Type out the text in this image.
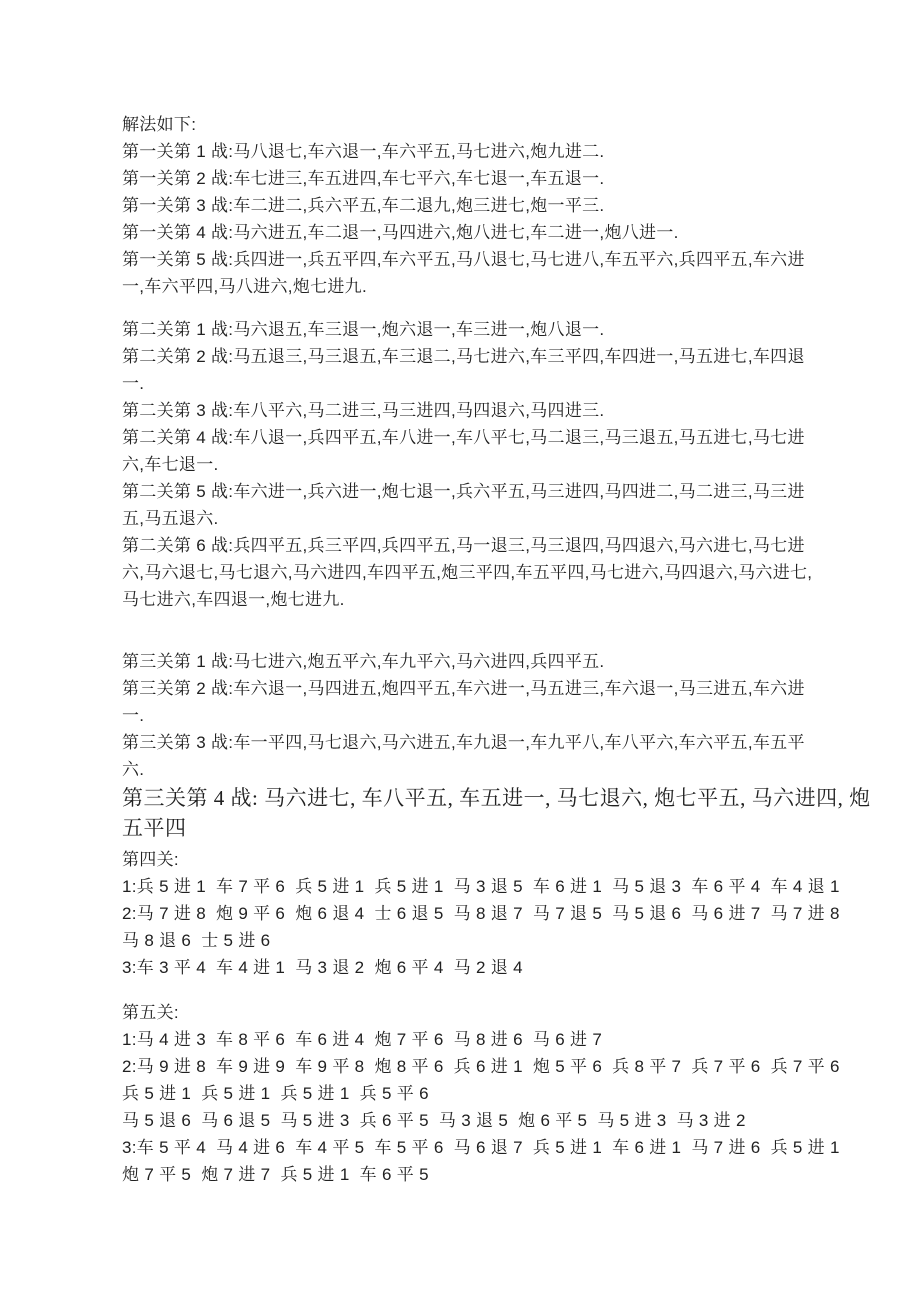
解法如下:
第一关第 1 战:马八退七,车六退一,车六平五,马七进六,炮九进二.
第一关第 2 战:车七进三,车五进四,车七平六,车七退一,车五退一.
第一关第 3 战:车二进二,兵六平五,车二退九,炮三进七,炮一平三.
第一关第 4 战:马六进五,车二退一,马四进六,炮八进七,车二进一,炮八进一.
第一关第 5 战:兵四进一,兵五平四,车六平五,马八退七,马七进八,车五平六,兵四平五,车六进
一,车六平四,马八进六,炮七进九.
第二关第 1 战:马六退五,车三退一,炮六退一,车三进一,炮八退一.
第二关第 2 战:马五退三,马三退五,车三退二,马七进六,车三平四,车四进一,马五进七,车四退
一.
第二关第 3 战:车八平六,马二进三,马三进四,马四退六,马四进三.
第二关第 4 战:车八退一,兵四平五,车八进一,车八平七,马二退三,马三退五,马五进七,马七进
六,车七退一.
第二关第 5 战:车六进一,兵六进一,炮七退一,兵六平五,马三进四,马四进二,马二进三,马三进
五,马五退六.
第二关第 6 战:兵四平五,兵三平四,兵四平五,马一退三,马三退四,马四退六,马六进七,马七进
六,马六退七,马七退六,马六进四,车四平五,炮三平四,车五平四,马七进六,马四退六,马六进七,
马七进六,车四退一,炮七进九.
第三关第 1 战:马七进六,炮五平六,车九平六,马六进四,兵四平五.
第三关第 2 战:车六退一,马四进五,炮四平五,车六进一,马五进三,车六退一,马三进五,车六进
一.
第三关第 3 战:车一平四,马七退六,马六进五,车九退一,车九平八,车八平六,车六平五,车五平
六.
第三关第 4 战: 马六进七, 车八平五, 车五进一, 马七退六, 炮七平五, 马六进四, 炮
五平四
第四关:
1:兵 5 进 1  车 7 平 6  兵 5 进 1  兵 5 进 1  马 3 退 5  车 6 进 1  马 5 退 3  车 6 平 4  车 4 退 1
2:马 7 进 8  炮 9 平 6  炮 6 退 4  士 6 退 5  马 8 退 7  马 7 退 5  马 5 退 6  马 6 进 7  马 7 进 8
马 8 退 6  士 5 进 6
3:车 3 平 4  车 4 进 1  马 3 退 2  炮 6 平 4  马 2 退 4
第五关:
1:马 4 进 3  车 8 平 6  车 6 进 4  炮 7 平 6  马 8 进 6  马 6 进 7
2:马 9 进 8  车 9 进 9  车 9 平 8  炮 8 平 6  兵 6 进 1  炮 5 平 6  兵 8 平 7  兵 7 平 6  兵 7 平 6
兵 5 进 1  兵 5 进 1  兵 5 进 1  兵 5 平 6
马 5 退 6  马 6 退 5  马 5 进 3  兵 6 平 5  马 3 退 5  炮 6 平 5  马 5 进 3  马 3 进 2
3:车 5 平 4  马 4 进 6  车 4 平 5  车 5 平 6  马 6 退 7  兵 5 进 1  车 6 进 1  马 7 进 6  兵 5 进 1
炮 7 平 5  炮 7 进 7  兵 5 进 1  车 6 平 5
